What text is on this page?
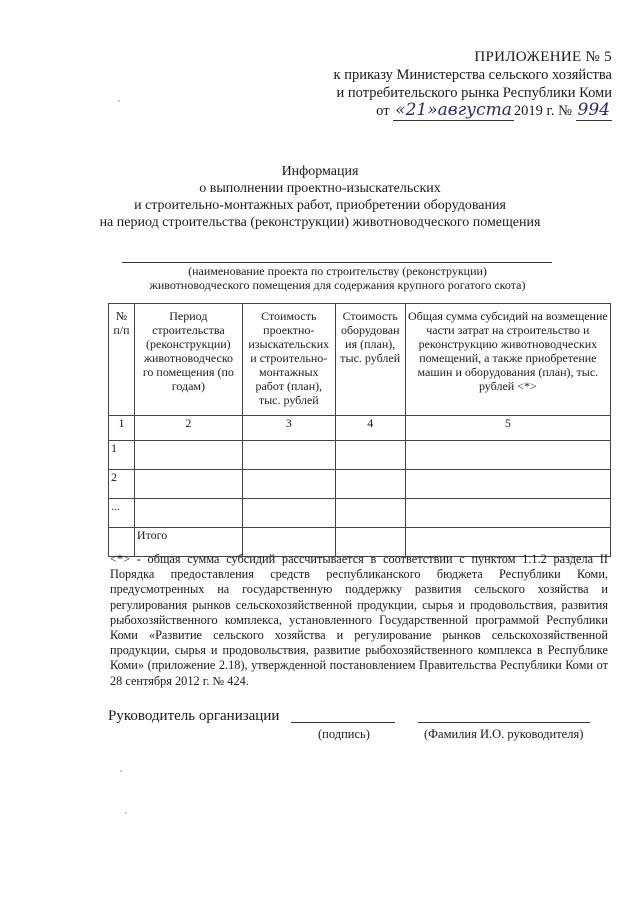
ПРИЛОЖЕНИЕ № 5
к приказу Министерства сельского хозяйства
и потребительского рынка Республики Коми
от «21»августа 2019 г. № 994
Информация
о выполнении проектно-изыскательских
и строительно-монтажных работ, приобретении оборудования
на период строительства (реконструкции) животноводческого помещения
(наименование проекта по строительству (реконструкции)
животноводческого помещения для содержания крупного рогатого скота)
№ п/п	Период строительства (реконструкции) животноводческо го помещения (по годам)	Стоимость проектно-изыскательских и строительно-монтажных работ (план), тыс. рублей	Стоимость оборудован ия (план), тыс. рублей	Общая сумма субсидий на возмещение части затрат на строительство и реконструкцию животноводческих помещений, а также приобретение машин и оборудования (план), тыс. рублей <*>
1	2	3	4	5
1				
2				
...				
	Итого			
<*> - общая сумма субсидий рассчитывается в соответствии с пунктом 1.1.2 раздела II Порядка предоставления средств республиканского бюджета Республики Коми, предусмотренных на государственную поддержку развития сельского хозяйства и регулирования рынков сельскохозяйственной продукции, сырья и продовольствия, развития рыбохозяйственного комплекса, установленного Государственной программой Республики Коми «Развитие сельского хозяйства и регулирование рынков сельскохозяйственной продукции, сырья и продовольствия, развитие рыбохозяйственного комплекса в Республике Коми» (приложение 2.18), утвержденной постановлением Правительства Республики Коми от 28 сентября 2012 г. № 424.
Руководитель организации
(подпись)	(Фамилия И.О. руководителя)
